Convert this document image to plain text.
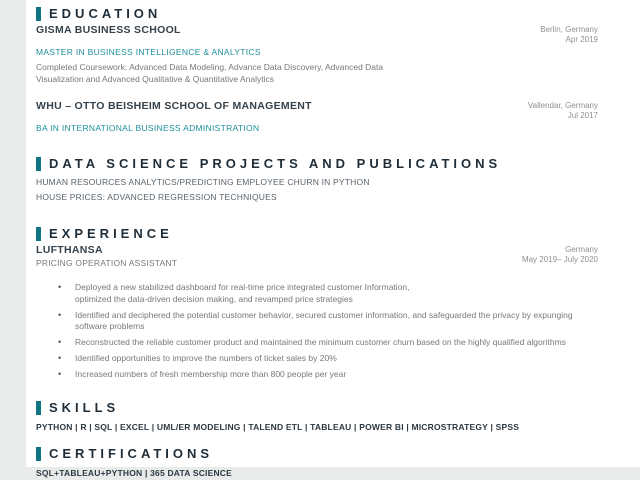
EDUCATION
GISMA BUSINESS SCHOOL	Berlin, Germany
Apr 2019
MASTER IN BUSINESS INTELLIGENCE & ANALYTICS

Completed Coursework: Advanced Data Modeling, Advance Data Discovery, Advanced Data
Visualization and Advanced Qualitative & Quantitative Analytics

WHU – OTTO BEISHEIM SCHOOL OF MANAGEMENT	Vallendar, Germany
Jul 2017
BA IN INTERNATIONAL BUSINESS ADMINISTRATION
DATA SCIENCE PROJECTS AND PUBLICATIONS
HUMAN RESOURCES ANALYTICS/PREDICTING EMPLOYEE CHURN IN PYTHON
HOUSE PRICES: ADVANCED REGRESSION TECHNIQUES
EXPERIENCE
LUFTHANSA
PRICING OPERATION ASSISTANT
Germany
May 2019– July 2020
• Deployed a new stabilized dashboard for real-time price integrated customer Information,
optimized the data-driven decision making, and revamped price strategies
• Identified and deciphered the potential customer behavior, secured customer information, and safeguarded the privacy by expunging software problems
• Reconstructed the reliable customer product and maintained the minimum customer churn based on the highly qualified algorithms
• Identified opportunities to improve the numbers of ticket sales by 20%
• Increased numbers of fresh membership more than 800 people per year
SKILLS
PYTHON | R | SQL | EXCEL | UML/ER MODELING | TALEND ETL | TABLEAU | POWER BI | MICROSTRATEGY | SPSS
CERTIFICATIONS
SQL+TABLEAU+PYTHON | 365 DATA SCIENCE
